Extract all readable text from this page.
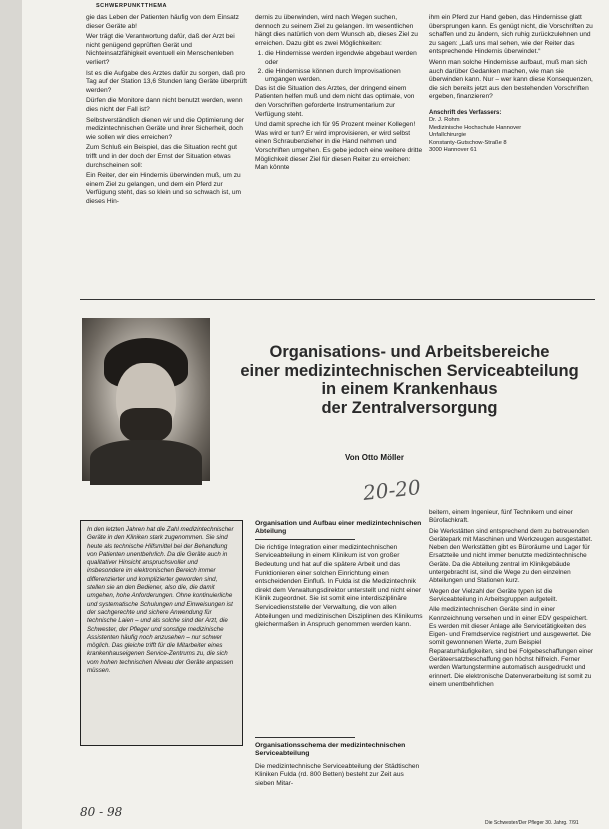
SCHWERPUNKTTHEMA

gie das Leben der Patienten häufig von dem Einsatz dieser Geräte ab!

Wer trägt die Verantwortung dafür, daß der Arzt bei nicht genügend geprüften Gerät und Nichteinsatzfähigkeit eventuell ein Menschenleben verliert?

Ist es die Aufgabe des Arztes dafür zu sorgen, daß pro Tag auf der Station 13,6 Stunden lang Geräte überprüft werden?

Dürfen die Monitore dann nicht benutzt werden, wenn dies nicht der Fall ist?

Selbstverständlich dienen wir und die Optimierung der medizintechnischen Geräte und ihrer Sicherheit, doch wie sollen wir dies erreichen?

Zum Schluß ein Beispiel, das die Situation recht gut trifft und in der doch der Ernst der Situation etwas durchscheinen soll:

Ein Reiter, der ein Hindernis überwinden muß, um zu einem Ziel zu gelangen, und dem ein Pferd zur Verfügung steht, das so klein und so schwach ist, um dieses Hin-

dernis zu überwinden, wird nach Wegen suchen, dennoch zu seinem Ziel zu gelangen. Im wesentlichen hängt dies natürlich von dem Wunsch ab, dieses Ziel zu erreichen. Dazu gibt es zwei Möglichkeiten:

1. die Hindernisse werden irgendwie abgebaut werden oder
2. die Hindernisse können durch Improvisationen umgangen werden.

Das ist die Situation des Arztes, der dringend einem Patienten helfen muß und dem nicht das optimale, von den Vorschriften geforderte Instrumentarium zur Verfügung steht.

Und damit spreche ich für 95 Prozent meiner Kollegen! Was wird er tun? Er wird improvisieren, er wird selbst einen Schraubenzieher in die Hand nehmen und Vorschriften umgehen. Es gebe jedoch eine weitere dritte Möglichkeit dieser Ziel für diesen Reiter zu erreichen: Man könnte

ihm ein Pferd zur Hand geben, das Hindernisse glatt übersprungen kann. Es genügt nicht, die Vorschriften zu schaffen und zu ändern, sich ruhig zurückzulehnen und zu sagen: „Laß uns mal sehen, wie der Reiter das entsprechende Hindernis überwindet.“

Wenn man solche Hindernisse aufbaut, muß man sich auch darüber Gedanken machen, wie man sie überwinden kann. Nur – wer kann diese Konsequenzen, die sich bereits jetzt aus den bestehenden Vorschriften ergeben, finanzieren?

Anschrift des Verfassers:
Dr. J. Rohm
Medizinische Hochschule Hannover
Unfallchirurgie
Konstanty-Gutschow-Straße 8
3000 Hannover 61
Organisations- und Arbeitsbereiche
einer medizintechnischen Serviceabteilung
in einem Krankenhaus
der Zentralversorgung
Von Otto Möller
20-20

In den letzten Jahren hat die Zahl medizintechnischer Geräte in den Kliniken stark zugenommen. Sie sind heute als technische Hilfsmittel bei der Behandlung von Patienten unentbehrlich. Da die Geräte auch in qualitativer Hinsicht anspruchsvoller und insbesondere im elektronischen Bereich immer differenzierter und komplizierter geworden sind, stellen sie an den Bediener, also die, die damit umgehen, hohe Anforderungen. Ohne kontinuierliche und systematische Schulungen und Einweisungen ist der sachgerechte und sichere Anwendung für technische Laien – und als solche sind der Arzt, die Schwester, der Pfleger und sonstige medizinische Assistenten häufig noch anzusehen – nur schwer möglich. Das gleiche trifft für die Mitarbeiter eines krankenhauseigenen Service-Zentrums zu, die sich vom hohen technischen Niveau der Geräte anpassen müssen.

Organisation und Aufbau einer medizintechnischen Abteilung

Die richtige Integration einer medizintechnischen Serviceabteilung in einem Klinikum ist von großer Bedeutung und hat auf die spätere Arbeit und das Funktionieren einer solchen Einrichtung einen entscheidenden Einfluß. In Fulda ist die Medizintechnik direkt dem Verwaltungsdirektor unterstellt und nicht einer Klinik zugeordnet. Sie ist somit eine interdisziplinäre Servicedienststelle der Verwaltung, die von allen Abteilungen und medizinischen Disziplinen des Klinikums gleichermaßen in Anspruch genommen werden kann.

Organisationsschema der medizintechnischen Serviceabteilung

Die medizintechnische Serviceabteilung der Städtischen Kliniken Fulda (rd. 800 Betten) besteht zur Zeit aus sieben Mitar-

beitern, einem Ingenieur, fünf Technikern und einer Bürofachkraft.

Die Werkstätten sind entsprechend dem zu betreuenden Gerätepark mit Maschinen und Werkzeugen ausgestattet. Neben den Werkstätten gibt es Büroräume und Lager für Ersatzteile und nicht immer benutzte medizintechnische Geräte. Da die Abteilung zentral im Klinikgebäude untergebracht ist, sind die Wege zu den einzelnen Abteilungen und Stationen kurz.

Wegen der Vielzahl der Geräte typen ist die Serviceabteilung in Arbeitsgruppen aufgeteilt.

Alle medizintechnischen Geräte sind in einer Kennzeichnung versehen und in einer EDV gespeichert. Es werden mit dieser Anlage alle Servicetätigkeiten des Eigen- und Fremdservice registriert und ausgewertet. Die somit gewonnenen Werte, zum Beispiel Reparaturhäufigkeiten, sind bei Folgebeschaffungen einer Geräteersatzbeschaffung gen höchst hilfreich. Ferner werden Wartungstermine automatisch ausgedruckt und erinnert. Die elektronische Datenverarbeitung ist somit zu einem unentbehrlichen

80 - 98
Die Schwester/Der Pfleger 30. Jahrg. 7/91
